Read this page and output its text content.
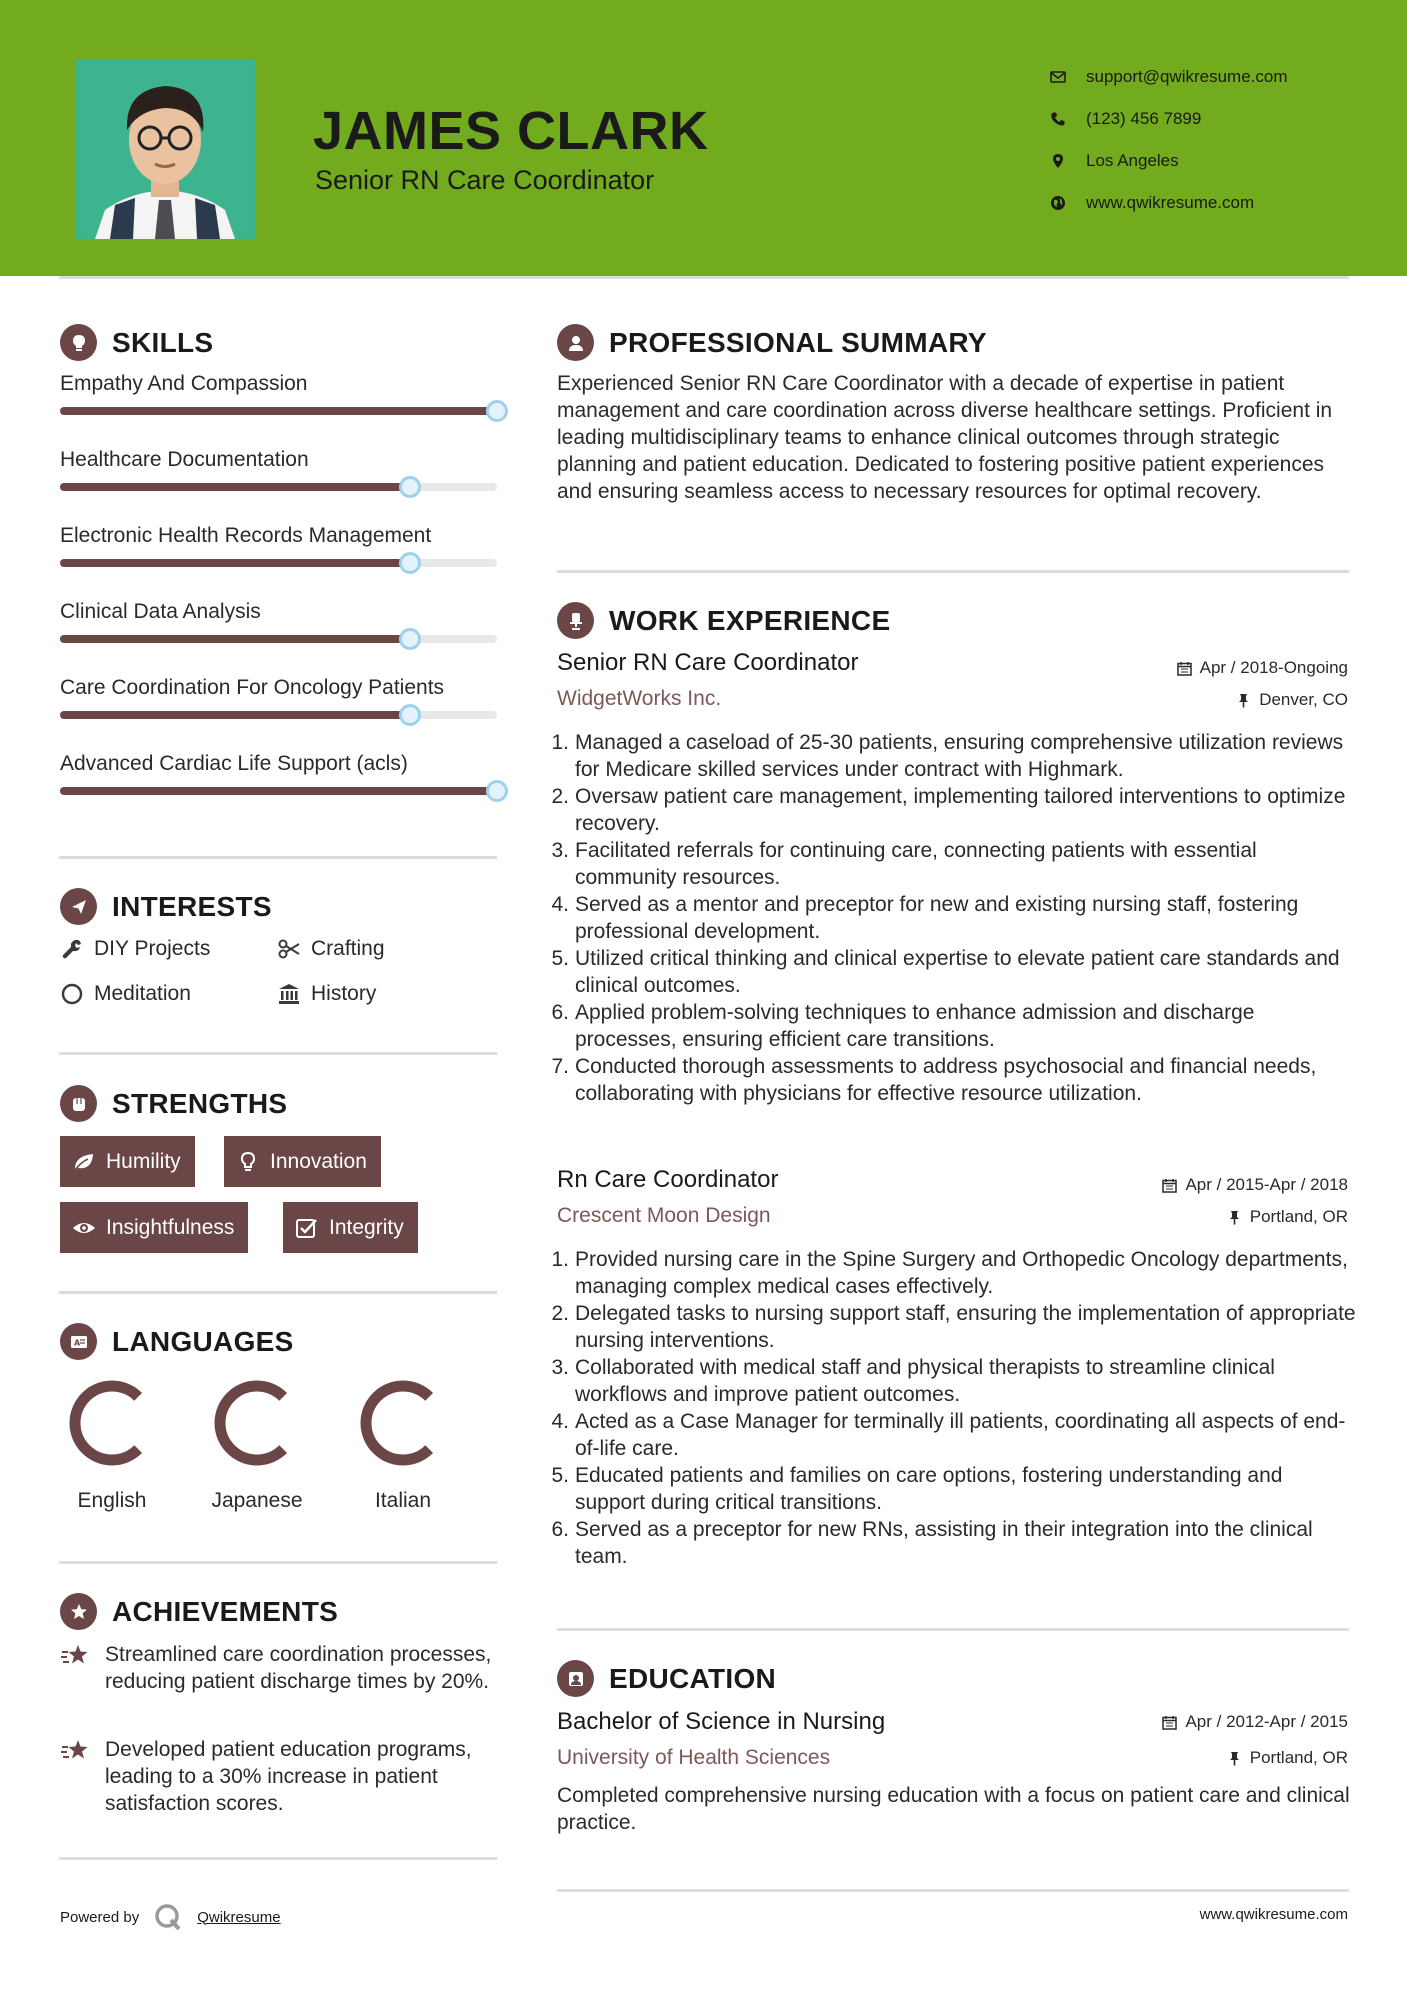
JAMES CLARK
Senior RN Care Coordinator
support@qwikresume.com
(123) 456 7899
Los Angeles
www.qwikresume.com
SKILLS
Empathy And Compassion
Healthcare Documentation
Electronic Health Records Management
Clinical Data Analysis
Care Coordination For Oncology Patients
Advanced Cardiac Life Support (acls)
INTERESTS
DIY Projects	Crafting
Meditation	History
STRENGTHS
Humility	Innovation
Insightfulness	Integrity
A LANGUAGES
English	Japanese	Italian
ACHIEVEMENTS
Streamlined care coordination processes, reducing patient discharge times by 20%.
Developed patient education programs, leading to a 30% increase in patient satisfaction scores.
PROFESSIONAL SUMMARY
Experienced Senior RN Care Coordinator with a decade of expertise in patient management and care coordination across diverse healthcare settings. Proficient in leading multidisciplinary teams to enhance clinical outcomes through strategic planning and patient education. Dedicated to fostering positive patient experiences and ensuring seamless access to necessary resources for optimal recovery.
WORK EXPERIENCE
Senior RN Care Coordinator	Apr / 2018-Ongoing
WidgetWorks Inc.	Denver, CO
1. Managed a caseload of 25-30 patients, ensuring comprehensive utilization reviews for Medicare skilled services under contract with Highmark.
2. Oversaw patient care management, implementing tailored interventions to optimize recovery.
3. Facilitated referrals for continuing care, connecting patients with essential community resources.
4. Served as a mentor and preceptor for new and existing nursing staff, fostering professional development.
5. Utilized critical thinking and clinical expertise to elevate patient care standards and clinical outcomes.
6. Applied problem-solving techniques to enhance admission and discharge processes, ensuring efficient care transitions.
7. Conducted thorough assessments to address psychosocial and financial needs, collaborating with physicians for effective resource utilization.
Rn Care Coordinator	Apr / 2015-Apr / 2018
Crescent Moon Design	Portland, OR
1. Provided nursing care in the Spine Surgery and Orthopedic Oncology departments, managing complex medical cases effectively.
2. Delegated tasks to nursing support staff, ensuring the implementation of appropriate nursing interventions.
3. Collaborated with medical staff and physical therapists to streamline clinical workflows and improve patient outcomes.
4. Acted as a Case Manager for terminally ill patients, coordinating all aspects of end-of-life care.
5. Educated patients and families on care options, fostering understanding and support during critical transitions.
6. Served as a preceptor for new RNs, assisting in their integration into the clinical team.
EDUCATION
Bachelor of Science in Nursing	Apr / 2012-Apr / 2015
University of Health Sciences	Portland, OR
Completed comprehensive nursing education with a focus on patient care and clinical practice.
Powered by	Qwikresume	www.qwikresume.com
